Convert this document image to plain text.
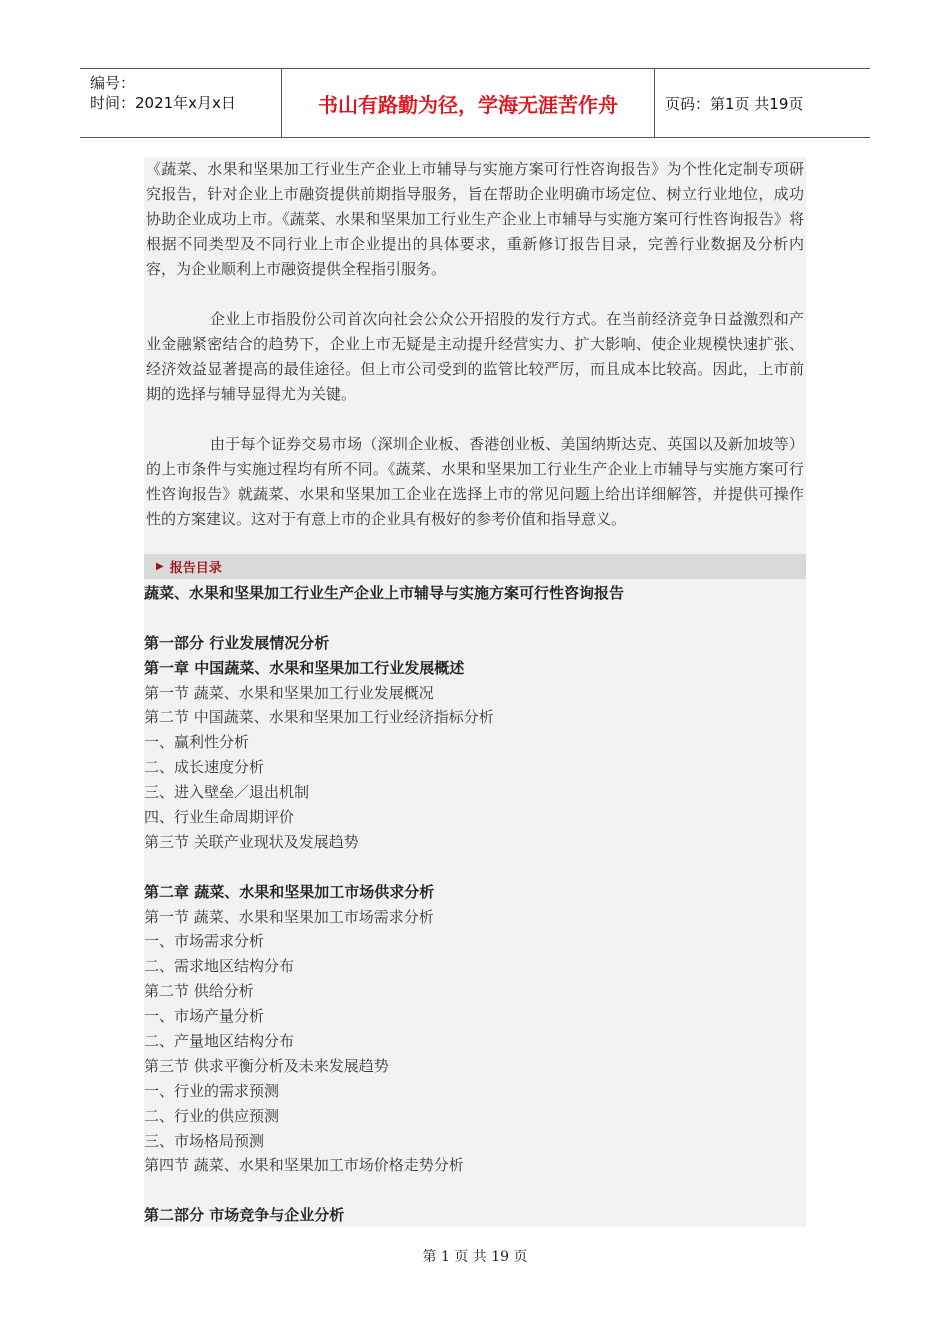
编号：
时间：2021年x月x日	书山有路勤为径，学海无涯苦作舟	页码：第1页 共19页

《蔬菜、水果和坚果加工行业生产企业上市辅导与实施方案可行性咨询报告》为个性化定制专项研究报告，针对企业上市融资提供前期指导服务，旨在帮助企业明确市场定位、树立行业地位，成功协助企业成功上市。《蔬菜、水果和坚果加工行业生产企业上市辅导与实施方案可行性咨询报告》将根据不同类型及不同行业上市企业提出的具体要求，重新修订报告目录，完善行业数据及分析内容，为企业顺利上市融资提供全程指引服务。

企业上市指股份公司首次向社会公众公开招股的发行方式。在当前经济竞争日益激烈和产业金融紧密结合的趋势下，企业上市无疑是主动提升经营实力、扩大影响、使企业规模快速扩张、经济效益显著提高的最佳途径。但上市公司受到的监管比较严厉，而且成本比较高。因此，上市前期的选择与辅导显得尤为关键。

由于每个证券交易市场（深圳企业板、香港创业板、美国纳斯达克、英国以及新加坡等）的上市条件与实施过程均有所不同。《蔬菜、水果和坚果加工行业生产企业上市辅导与实施方案可行性咨询报告》就蔬菜、水果和坚果加工企业在选择上市的常见问题上给出详细解答，并提供可操作性的方案建议。这对于有意上市的企业具有极好的参考价值和指导意义。

▶ 报告目录
蔬菜、水果和坚果加工行业生产企业上市辅导与实施方案可行性咨询报告
第一部分 行业发展情况分析
第一章 中国蔬菜、水果和坚果加工行业发展概述
第一节 蔬菜、水果和坚果加工行业发展概况
第二节 中国蔬菜、水果和坚果加工行业经济指标分析
一、赢利性分析
二、成长速度分析
三、进入壁垒／退出机制
四、行业生命周期评价
第三节 关联产业现状及发展趋势
第二章 蔬菜、水果和坚果加工市场供求分析
第一节 蔬菜、水果和坚果加工市场需求分析
一、市场需求分析
二、需求地区结构分布
第二节 供给分析
一、市场产量分析
二、产量地区结构分布
第三节 供求平衡分析及未来发展趋势
一、行业的需求预测
二、行业的供应预测
三、市场格局预测
第四节 蔬菜、水果和坚果加工市场价格走势分析
第二部分 市场竞争与企业分析
第 1 页 共 19 页
